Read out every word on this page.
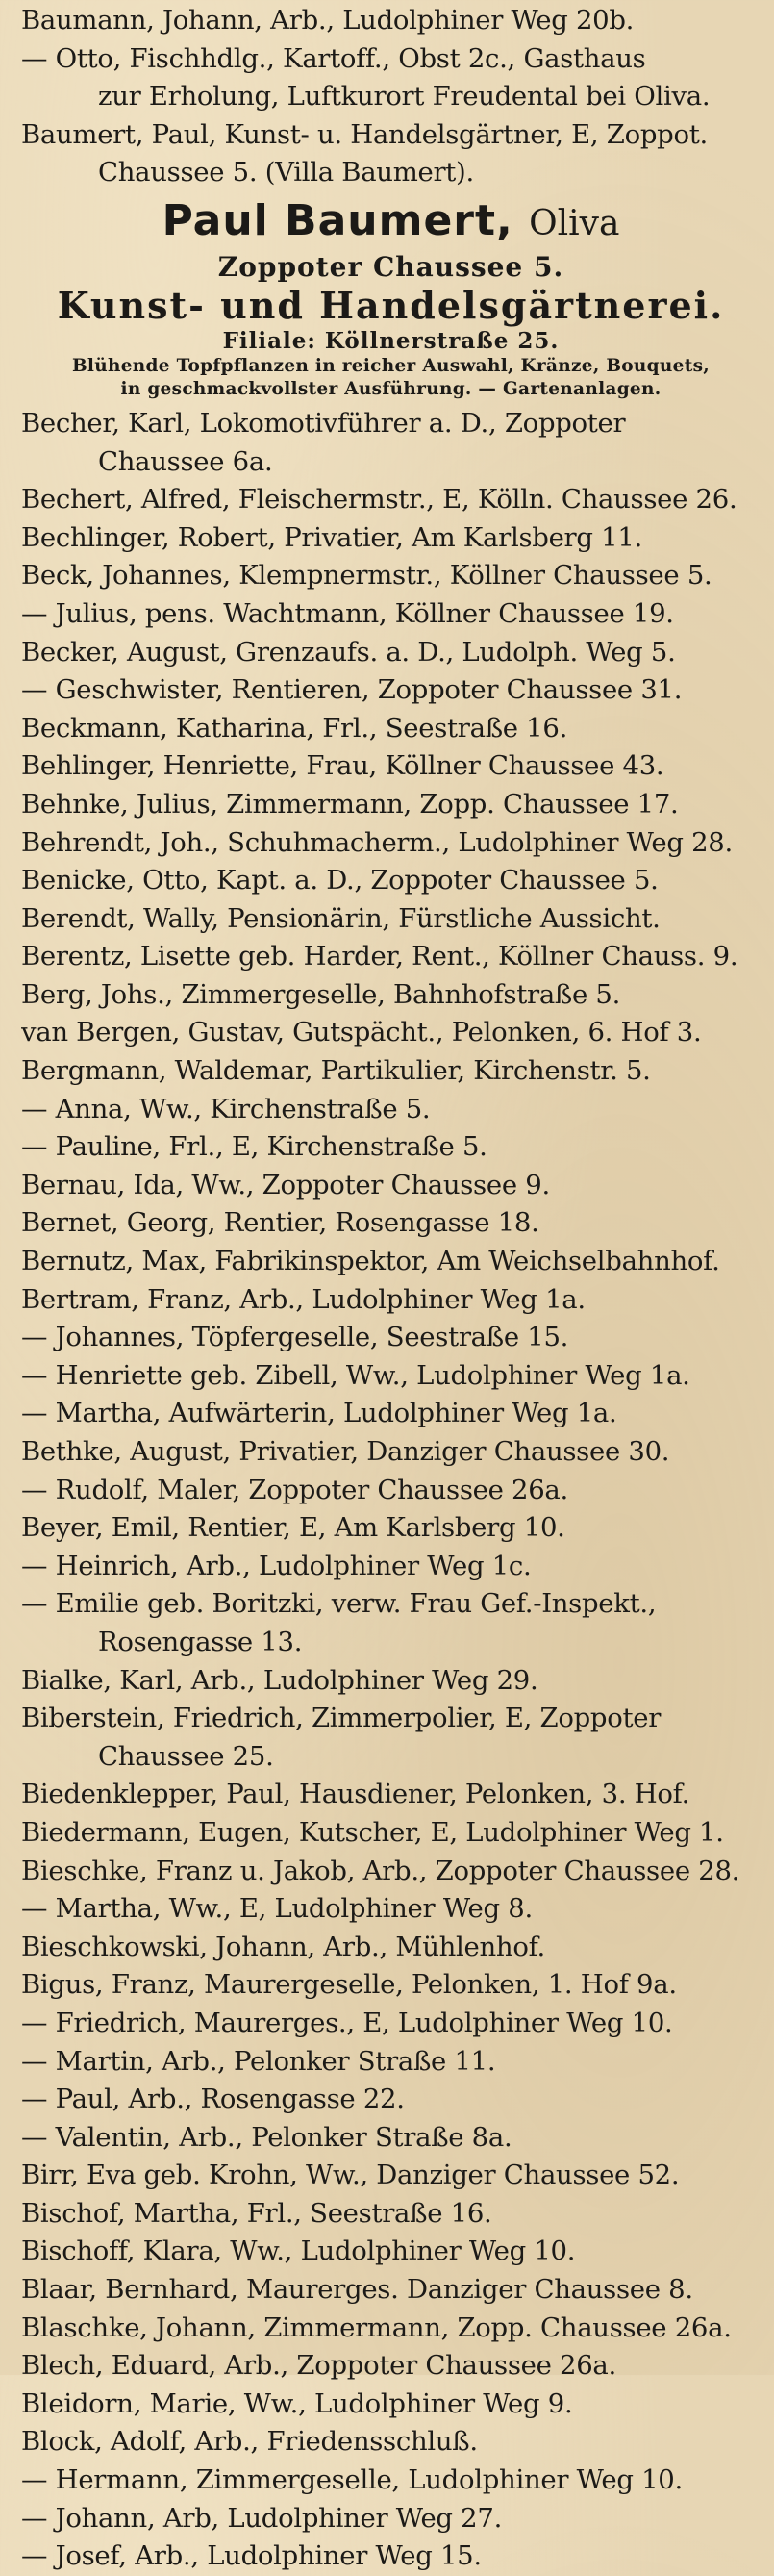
Baumann, Johann, Arb., Ludolphiner Weg 20b.
— Otto, Fischhdlg., Kartoff., Obst 2c., Gasthaus
zur Erholung, Luftkurort Freudental bei Oliva.
Baumert, Paul, Kunst- u. Handelsgärtner, E, Zoppot.
Chaussee 5. (Villa Baumert).
Paul Baumert, Oliva
Zoppoter Chaussee 5.
Kunst- und Handelsgärtnerei.
Filiale: Köllnerstraße 25.
Blühende Topfpflanzen in reicher Auswahl, Kränze, Bouquets,
in geschmackvollster Ausführung. — Gartenanlagen.
Becher, Karl, Lokomotivführer a. D., Zoppoter
Chaussee 6a.
Bechert, Alfred, Fleischermstr., E, Kölln. Chaussee 26.
Bechlinger, Robert, Privatier, Am Karlsberg 11.
Beck, Johannes, Klempnermstr., Köllner Chaussee 5.
— Julius, pens. Wachtmann, Köllner Chaussee 19.
Becker, August, Grenzaufs. a. D., Ludolph. Weg 5.
— Geschwister, Rentieren, Zoppoter Chaussee 31.
Beckmann, Katharina, Frl., Seestraße 16.
Behlinger, Henriette, Frau, Köllner Chaussee 43.
Behnke, Julius, Zimmermann, Zopp. Chaussee 17.
Behrendt, Joh., Schuhmacherm., Ludolphiner Weg 28.
Benicke, Otto, Kapt. a. D., Zoppoter Chaussee 5.
Berendt, Wally, Pensionärin, Fürstliche Aussicht.
Berentz, Lisette geb. Harder, Rent., Köllner Chauss. 9.
Berg, Johs., Zimmergeselle, Bahnhofstraße 5.
van Bergen, Gustav, Gutspächt., Pelonken, 6. Hof 3.
Bergmann, Waldemar, Partikulier, Kirchenstr. 5.
— Anna, Ww., Kirchenstraße 5.
— Pauline, Frl., E, Kirchenstraße 5.
Bernau, Ida, Ww., Zoppoter Chaussee 9.
Bernet, Georg, Rentier, Rosengasse 18.
Bernutz, Max, Fabrikinspektor, Am Weichselbahnhof.
Bertram, Franz, Arb., Ludolphiner Weg 1a.
— Johannes, Töpfergeselle, Seestraße 15.
— Henriette geb. Zibell, Ww., Ludolphiner Weg 1a.
— Martha, Aufwärterin, Ludolphiner Weg 1a.
Bethke, August, Privatier, Danziger Chaussee 30.
— Rudolf, Maler, Zoppoter Chaussee 26a.
Beyer, Emil, Rentier, E, Am Karlsberg 10.
— Heinrich, Arb., Ludolphiner Weg 1c.
— Emilie geb. Boritzki, verw. Frau Gef.-Inspekt.,
Rosengasse 13.
Bialke, Karl, Arb., Ludolphiner Weg 29.
Biberstein, Friedrich, Zimmerpolier, E, Zoppoter
Chaussee 25.
Biedenklepper, Paul, Hausdiener, Pelonken, 3. Hof.
Biedermann, Eugen, Kutscher, E, Ludolphiner Weg 1.
Bieschke, Franz u. Jakob, Arb., Zoppoter Chaussee 28.
— Martha, Ww., E, Ludolphiner Weg 8.
Bieschkowski, Johann, Arb., Mühlenhof.
Bigus, Franz, Maurergeselle, Pelonken, 1. Hof 9a.
— Friedrich, Maurerges., E, Ludolphiner Weg 10.
— Martin, Arb., Pelonker Straße 11.
— Paul, Arb., Rosengasse 22.
— Valentin, Arb., Pelonker Straße 8a.
Birr, Eva geb. Krohn, Ww., Danziger Chaussee 52.
Bischof, Martha, Frl., Seestraße 16.
Bischoff, Klara, Ww., Ludolphiner Weg 10.
Blaar, Bernhard, Maurerges. Danziger Chaussee 8.
Blaschke, Johann, Zimmermann, Zopp. Chaussee 26a.
Blech, Eduard, Arb., Zoppoter Chaussee 26a.
Bleidorn, Marie, Ww., Ludolphiner Weg 9.
Block, Adolf, Arb., Friedensschluß.
— Hermann, Zimmergeselle, Ludolphiner Weg 10.
— Johann, Arb, Ludolphiner Weg 27.
— Josef, Arb., Ludolphiner Weg 15.
